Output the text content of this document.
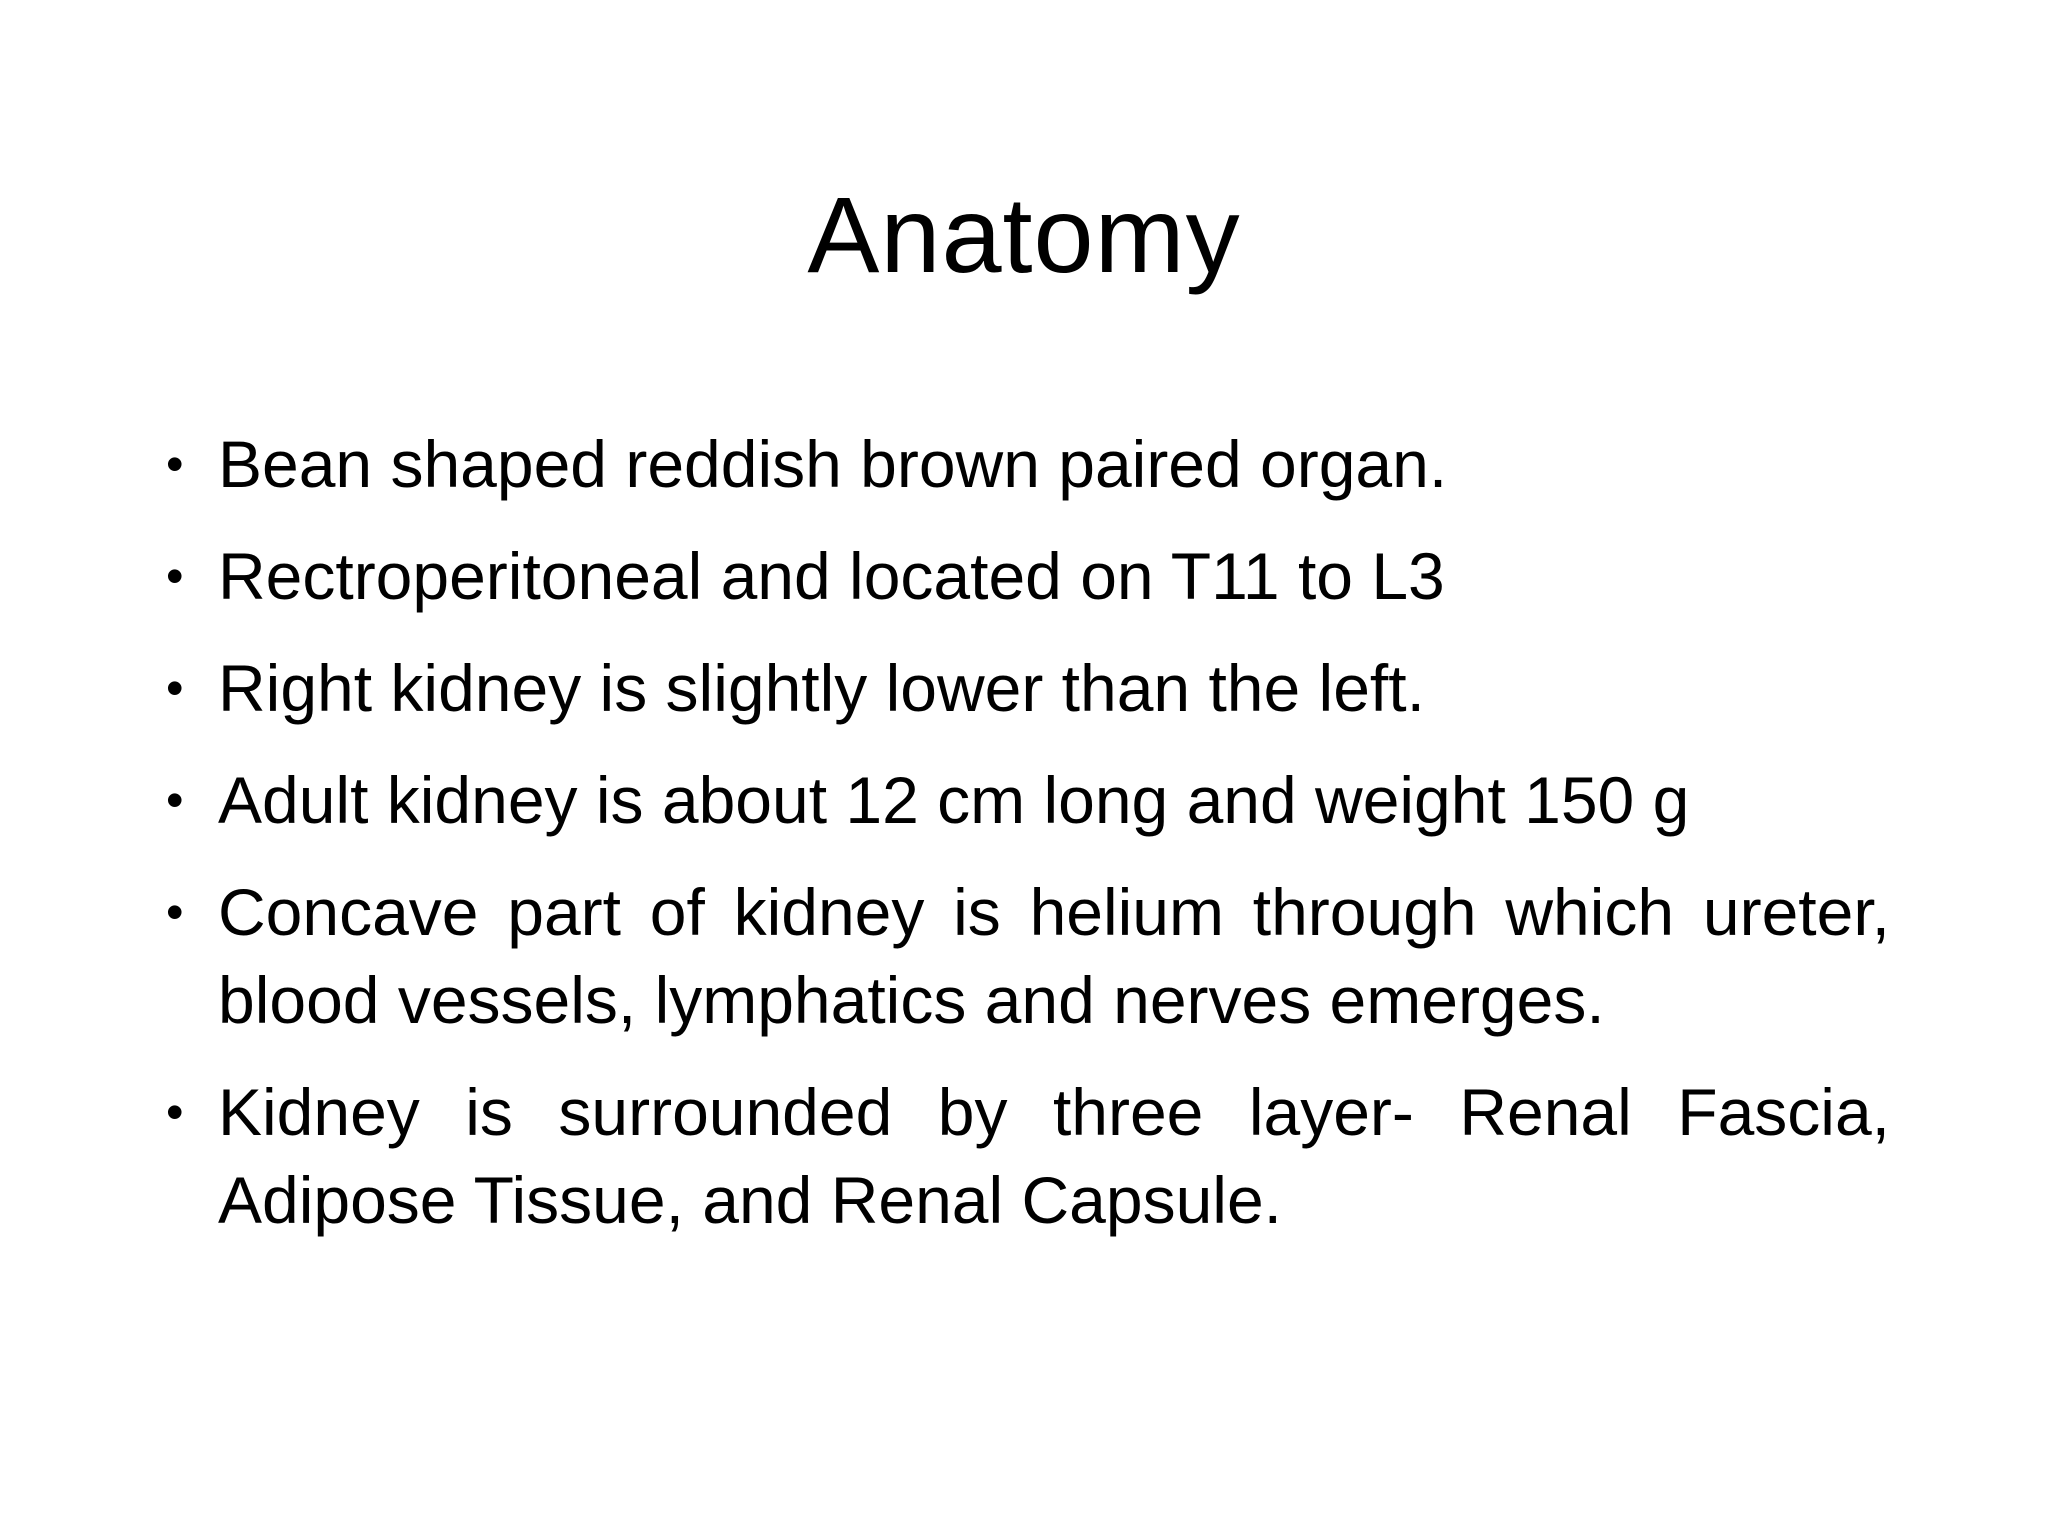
Anatomy
• Bean shaped reddish brown paired organ.
• Rectroperitoneal and located on T11 to L3
• Right kidney is slightly lower than the left.
• Adult kidney is about 12 cm long and weight 150 g
• Concave part of kidney is helium through which ureter, blood vessels, lymphatics and nerves emerges.
• Kidney is surrounded by three layer- Renal Fascia, Adipose Tissue, and Renal Capsule.
